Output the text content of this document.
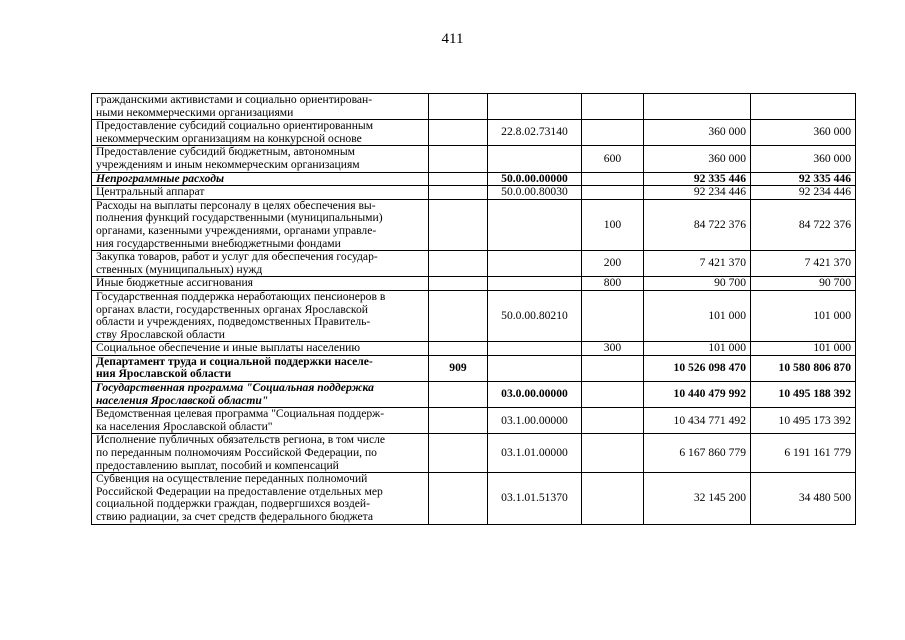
411
гражданскими активистами и социально ориентирован-
ными некоммерческими организациями					

Предоставление субсидий социально ориентированным
некоммерческим организациям на конкурсной основе		22.8.02.73140		360 000	360 000

Предоставление субсидий бюджетным, автономным
учреждениям и иным некоммерческим организациям			600	360 000	360 000

Непрограммные расходы		50.0.00.00000		92 335 446	92 335 446

Центральный аппарат		50.0.00.80030		92 234 446	92 234 446

Расходы на выплаты персоналу в целях обеспечения вы-
полнения функций государственными (муниципальными)
органами, казенными учреждениями, органами управле-
ния государственными внебюджетными фондами			100	84 722 376	84 722 376

Закупка товаров, работ и услуг для обеспечения государ-
ственных (муниципальных) нужд			200	7 421 370	7 421 370

Иные бюджетные ассигнования			800	90 700	90 700

Государственная поддержка неработающих пенсионеров в
органах власти, государственных органах Ярославской
области и учреждениях, подведомственных Правитель-
ству Ярославской области		50.0.00.80210		101 000	101 000

Социальное обеспечение и иные выплаты населению			300	101 000	101 000

Департамент труда и социальной поддержки населе-
ния Ярославской области	909			10 526 098 470	10 580 806 870

Государственная программа "Социальная поддержка
населения Ярославской области"		03.0.00.00000		10 440 479 992	10 495 188 392

Ведомственная целевая программа "Социальная поддерж-
ка населения Ярославской области"		03.1.00.00000		10 434 771 492	10 495 173 392

Исполнение публичных обязательств региона, в том числе
по переданным полномочиям Российской Федерации, по
предоставлению выплат, пособий и компенсаций		03.1.01.00000		6 167 860 779	6 191 161 779

Субвенция на осуществление переданных полномочий
Российской Федерации на предоставление отдельных мер
социальной поддержки граждан, подвергшихся воздей-
ствию радиации, за счет средств федерального бюджета		03.1.01.51370		32 145 200	34 480 500
